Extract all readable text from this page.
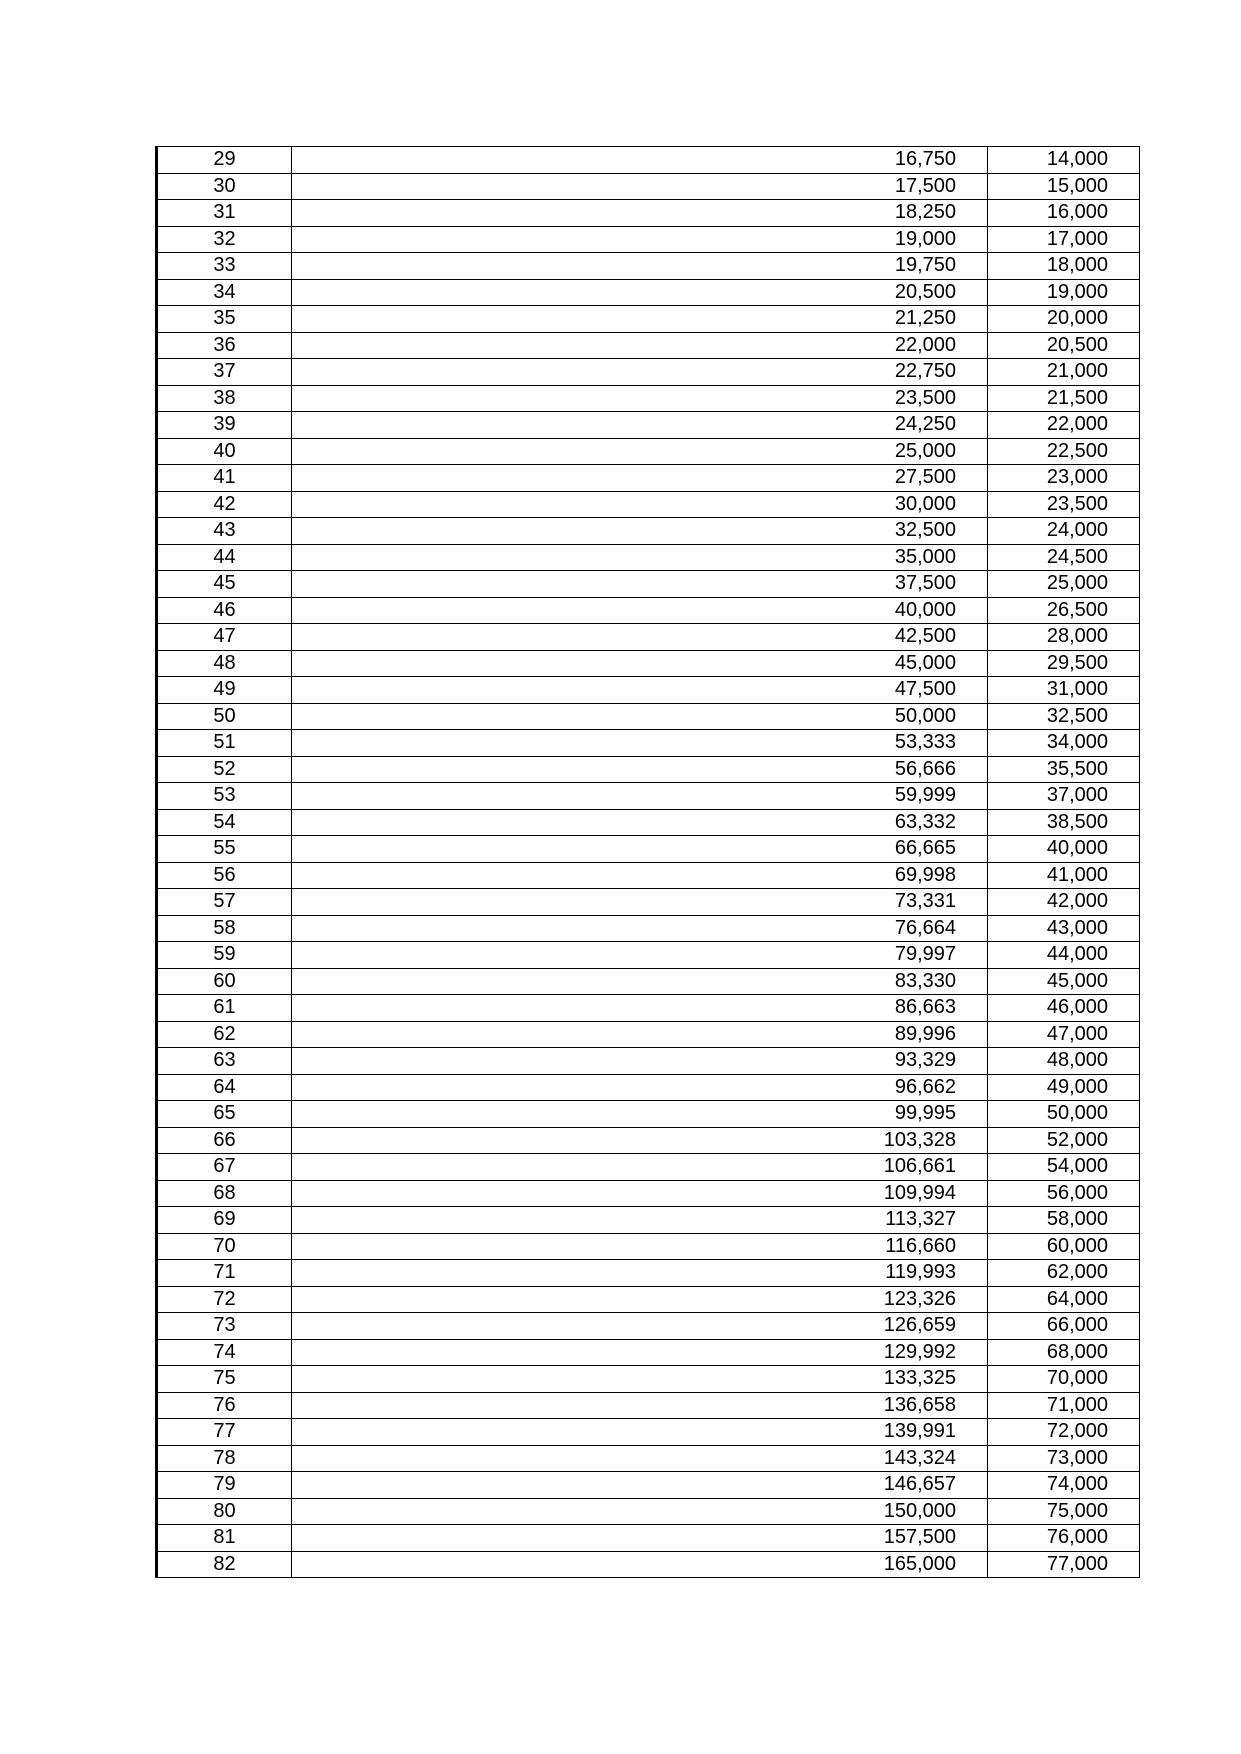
29	16,750	14,000
30	17,500	15,000
31	18,250	16,000
32	19,000	17,000
33	19,750	18,000
34	20,500	19,000
35	21,250	20,000
36	22,000	20,500
37	22,750	21,000
38	23,500	21,500
39	24,250	22,000
40	25,000	22,500
41	27,500	23,000
42	30,000	23,500
43	32,500	24,000
44	35,000	24,500
45	37,500	25,000
46	40,000	26,500
47	42,500	28,000
48	45,000	29,500
49	47,500	31,000
50	50,000	32,500
51	53,333	34,000
52	56,666	35,500
53	59,999	37,000
54	63,332	38,500
55	66,665	40,000
56	69,998	41,000
57	73,331	42,000
58	76,664	43,000
59	79,997	44,000
60	83,330	45,000
61	86,663	46,000
62	89,996	47,000
63	93,329	48,000
64	96,662	49,000
65	99,995	50,000
66	103,328	52,000
67	106,661	54,000
68	109,994	56,000
69	113,327	58,000
70	116,660	60,000
71	119,993	62,000
72	123,326	64,000
73	126,659	66,000
74	129,992	68,000
75	133,325	70,000
76	136,658	71,000
77	139,991	72,000
78	143,324	73,000
79	146,657	74,000
80	150,000	75,000
81	157,500	76,000
82	165,000	77,000
